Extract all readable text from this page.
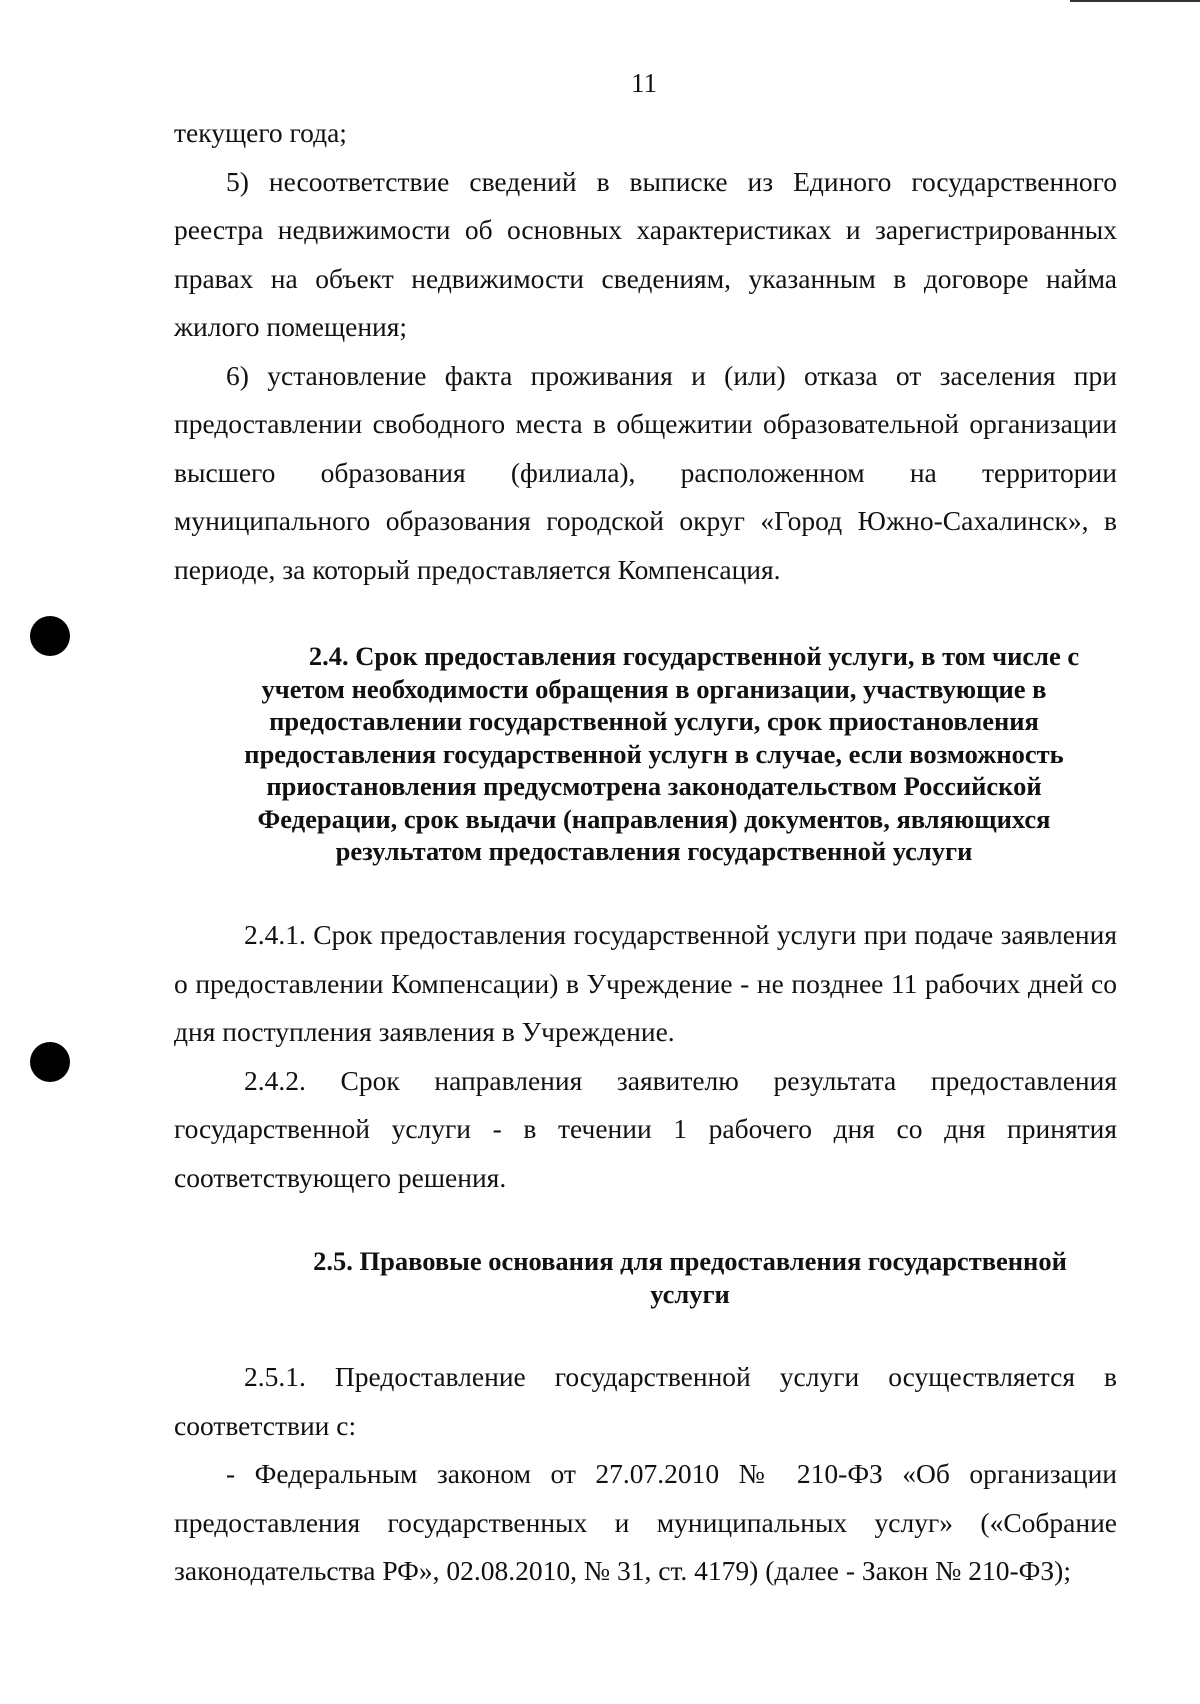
11

текущего года;

5) несоответствие сведений в выписке из Единого государственного реестра недвижимости об основных характеристиках и зарегистрированных правах на объект недвижимости сведениям, указанным в договоре найма жилого помещения;

6) установление факта проживания и (или) отказа от заселения при предоставлении свободного места в общежитии образовательной организации высшего образования (филиала), расположенном на территории муниципального образования городской округ «Город Южно-Сахалинск», в периоде, за который предоставляется Компенсация.

2.4. Срок предоставления государственной услуги, в том числе с
учетом необходимости обращения в организации, участвующие в
предоставлении государственной услуги, срок приостановления
предоставления государственной услугн в случае, если возможность
приостановления предусмотрена законодательством Российской
Федерации, срок выдачи (направления) документов, являющихся
результатом предоставления государственной услуги

2.4.1. Срок предоставления государственной услуги при подаче заявления о предоставлении Компенсации) в Учреждение - не позднее 11 рабочих дней со дня поступления заявления в Учреждение.

2.4.2. Срок направления заявителю результата предоставления государственной услуги - в течении 1 рабочего дня со дня принятия соответствующего решения.

2.5. Правовые основания для предоставления государственной
услуги

2.5.1. Предоставление государственной услуги осуществляется в соответствии с:

- Федеральным законом от 27.07.2010 № 210-ФЗ «Об организации предоставления государственных и муниципальных услуг» («Собрание законодательства РФ», 02.08.2010, № 31, ст. 4179) (далее - Закон № 210-ФЗ);
